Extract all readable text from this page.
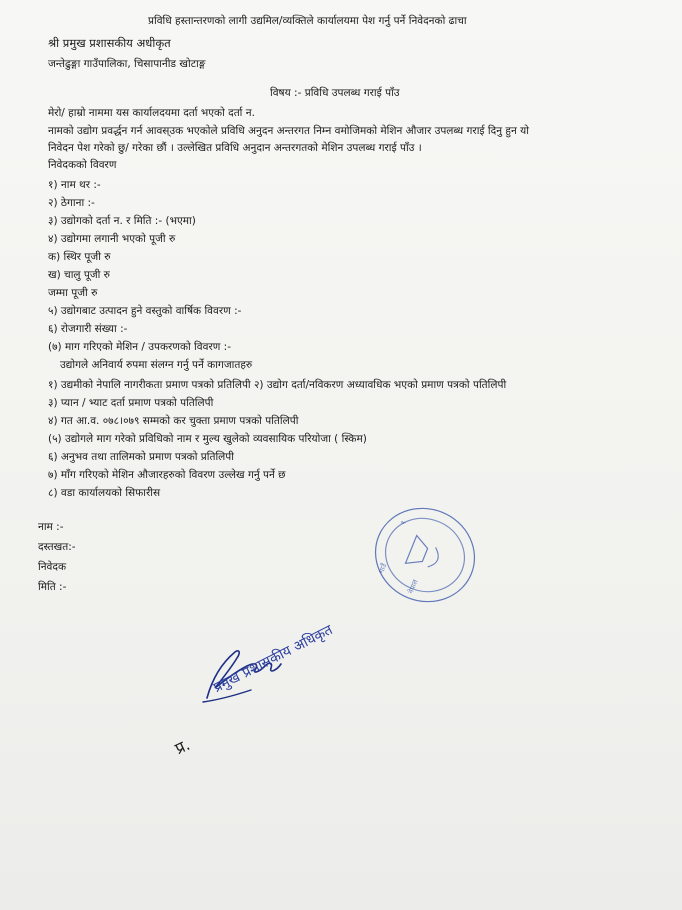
प्रविधि हस्तान्तरणको लागी उद्यमिल/व्यक्तिले कार्यालयमा पेश गर्नु पर्ने निवेदनको ढाचा
श्री प्रमुख प्रशासकीय अधीकृत
जन्तेढुङ्गा गाउँपालिका, चिसापानीड खोटाङ्ग
विषय :- प्रविधि उपलब्ध गराई पाँउ
मेरो/ हाम्रो नाममा यस कार्यालदयमा दर्ता भएको दर्ता न.
नामको उद्योग प्रवर्द्धन गर्न आवस्उक भएकोले प्रविधि अनुदन अन्तरगत निम्न वमोजिमको मेशिन औजार उपलब्ध गराई दिनु हुन यो
निवेदन पेश गरेको छु/ गरेका छौं । उल्लेखित प्रविधि अनुदान अन्तरगतको मेशिन उपलब्ध गराई पाँउ ।
निवेदकको विवरण
१) नाम थर :-
२) ठेगाना :-
३) उद्योगको दर्ता न. र मिति :- (भएमा)
४) उद्योगमा लगानी भएको पूजी रु
क) स्थिर पूजी रु
ख) चालु पूजी रु
जम्मा पूजी रु
५) उद्योगबाट उत्पादन हुने वस्तुको वार्षिक विवरण :-
६) रोजगारी संख्या :-
(७) माग गरिएको मेशिन / उपकरणको विवरण :-
उद्योगले अनिवार्य रुपमा संलग्न गर्नु पर्ने कागजातहरु
१) उद्यमीको नेपालि नागरीकता प्रमाण पत्रको प्रतिलिपी २) उद्योग दर्ता/नविकरण अध्यावधिक भएको प्रमाण पत्रको पतिलिपी
३) प्यान / भ्याट दर्ता प्रमाण पत्रको पतिलिपी
४) गत आ.व. ०७८।०७९ सम्मको कर चुक्ता प्रमाण पत्रको पतिलिपी
(५) उद्योगले माग गरेको प्रविधिको नाम र मुल्य खुलेको व्यवसायिक परियोजा ( स्किम)
६) अनुभव तथा तालिमको प्रमाण पत्रको प्रतिलिपी
७) माँग गरिएको मेशिन औजारहरुको विवरण उल्लेख गर्नु पर्ने छ
८) वडा कार्यालयको सिफारीस
नाम :-
दस्तखत:-
निवेदक
मिति :-
गाउँ
१
नेपाल
प्रमुख प्रशासकीय अधिकृत
प्र.
